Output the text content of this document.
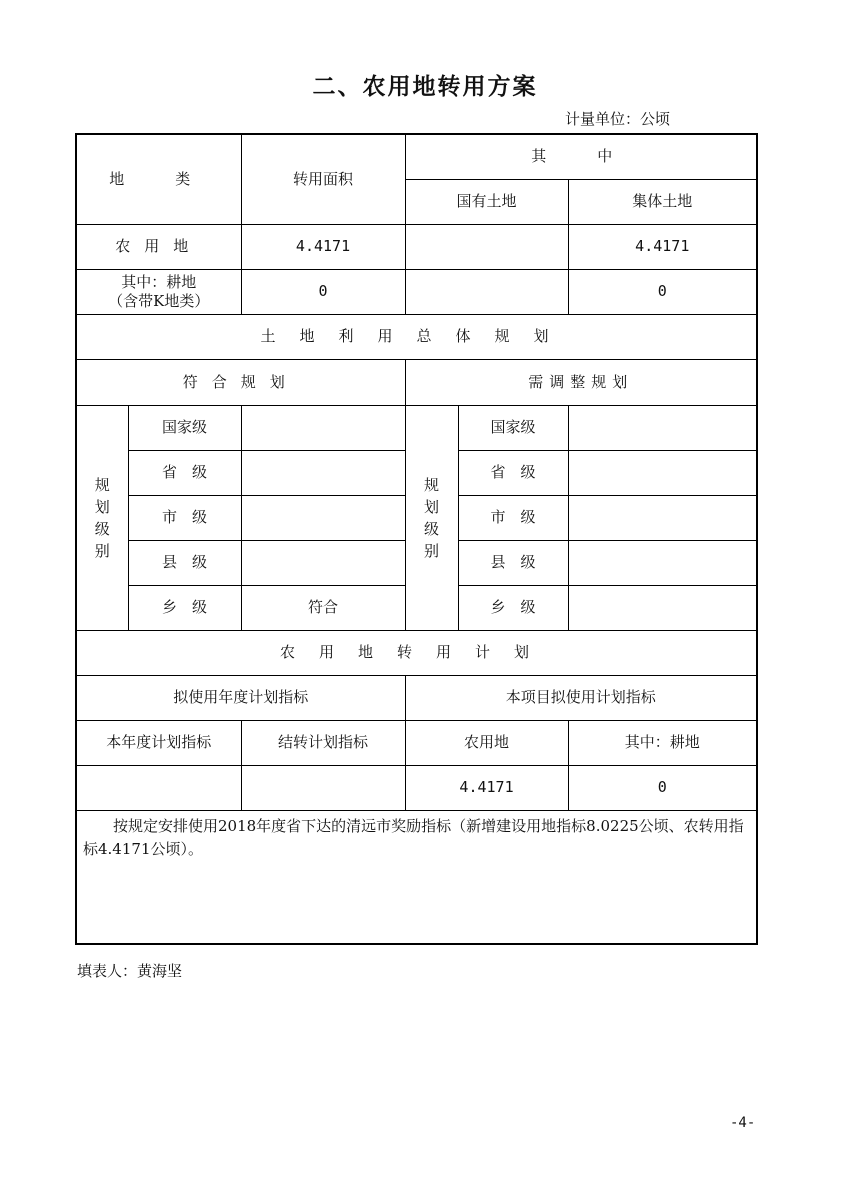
二、农用地转用方案
计量单位：公顷
地　类		转用面积	其　中		
			国有土地		集体土地
农用地		4.4171			4.4171

其中：耕地
（含带K地类）		0			0
土地利用总体规划					
符合规划			需调整规划		

规划级别	国家级		规划级别	国家级	
	省　级			省　级	
	市　级			市　级	
	县　级			县　级	
	乡　级	符合		乡　级	
农用地转用计划					
拟使用年度计划指标			本项目拟使用计划指标		
本年度计划指标		结转计划指标	农用地		其中：耕地
			4.4171		0
按规定安排使用2018年度省下达的清远市奖励指标（新增建设用地指标8.0225公顷、农转用指标4.4171公顷）。					
填表人：黄海坚
-4-
